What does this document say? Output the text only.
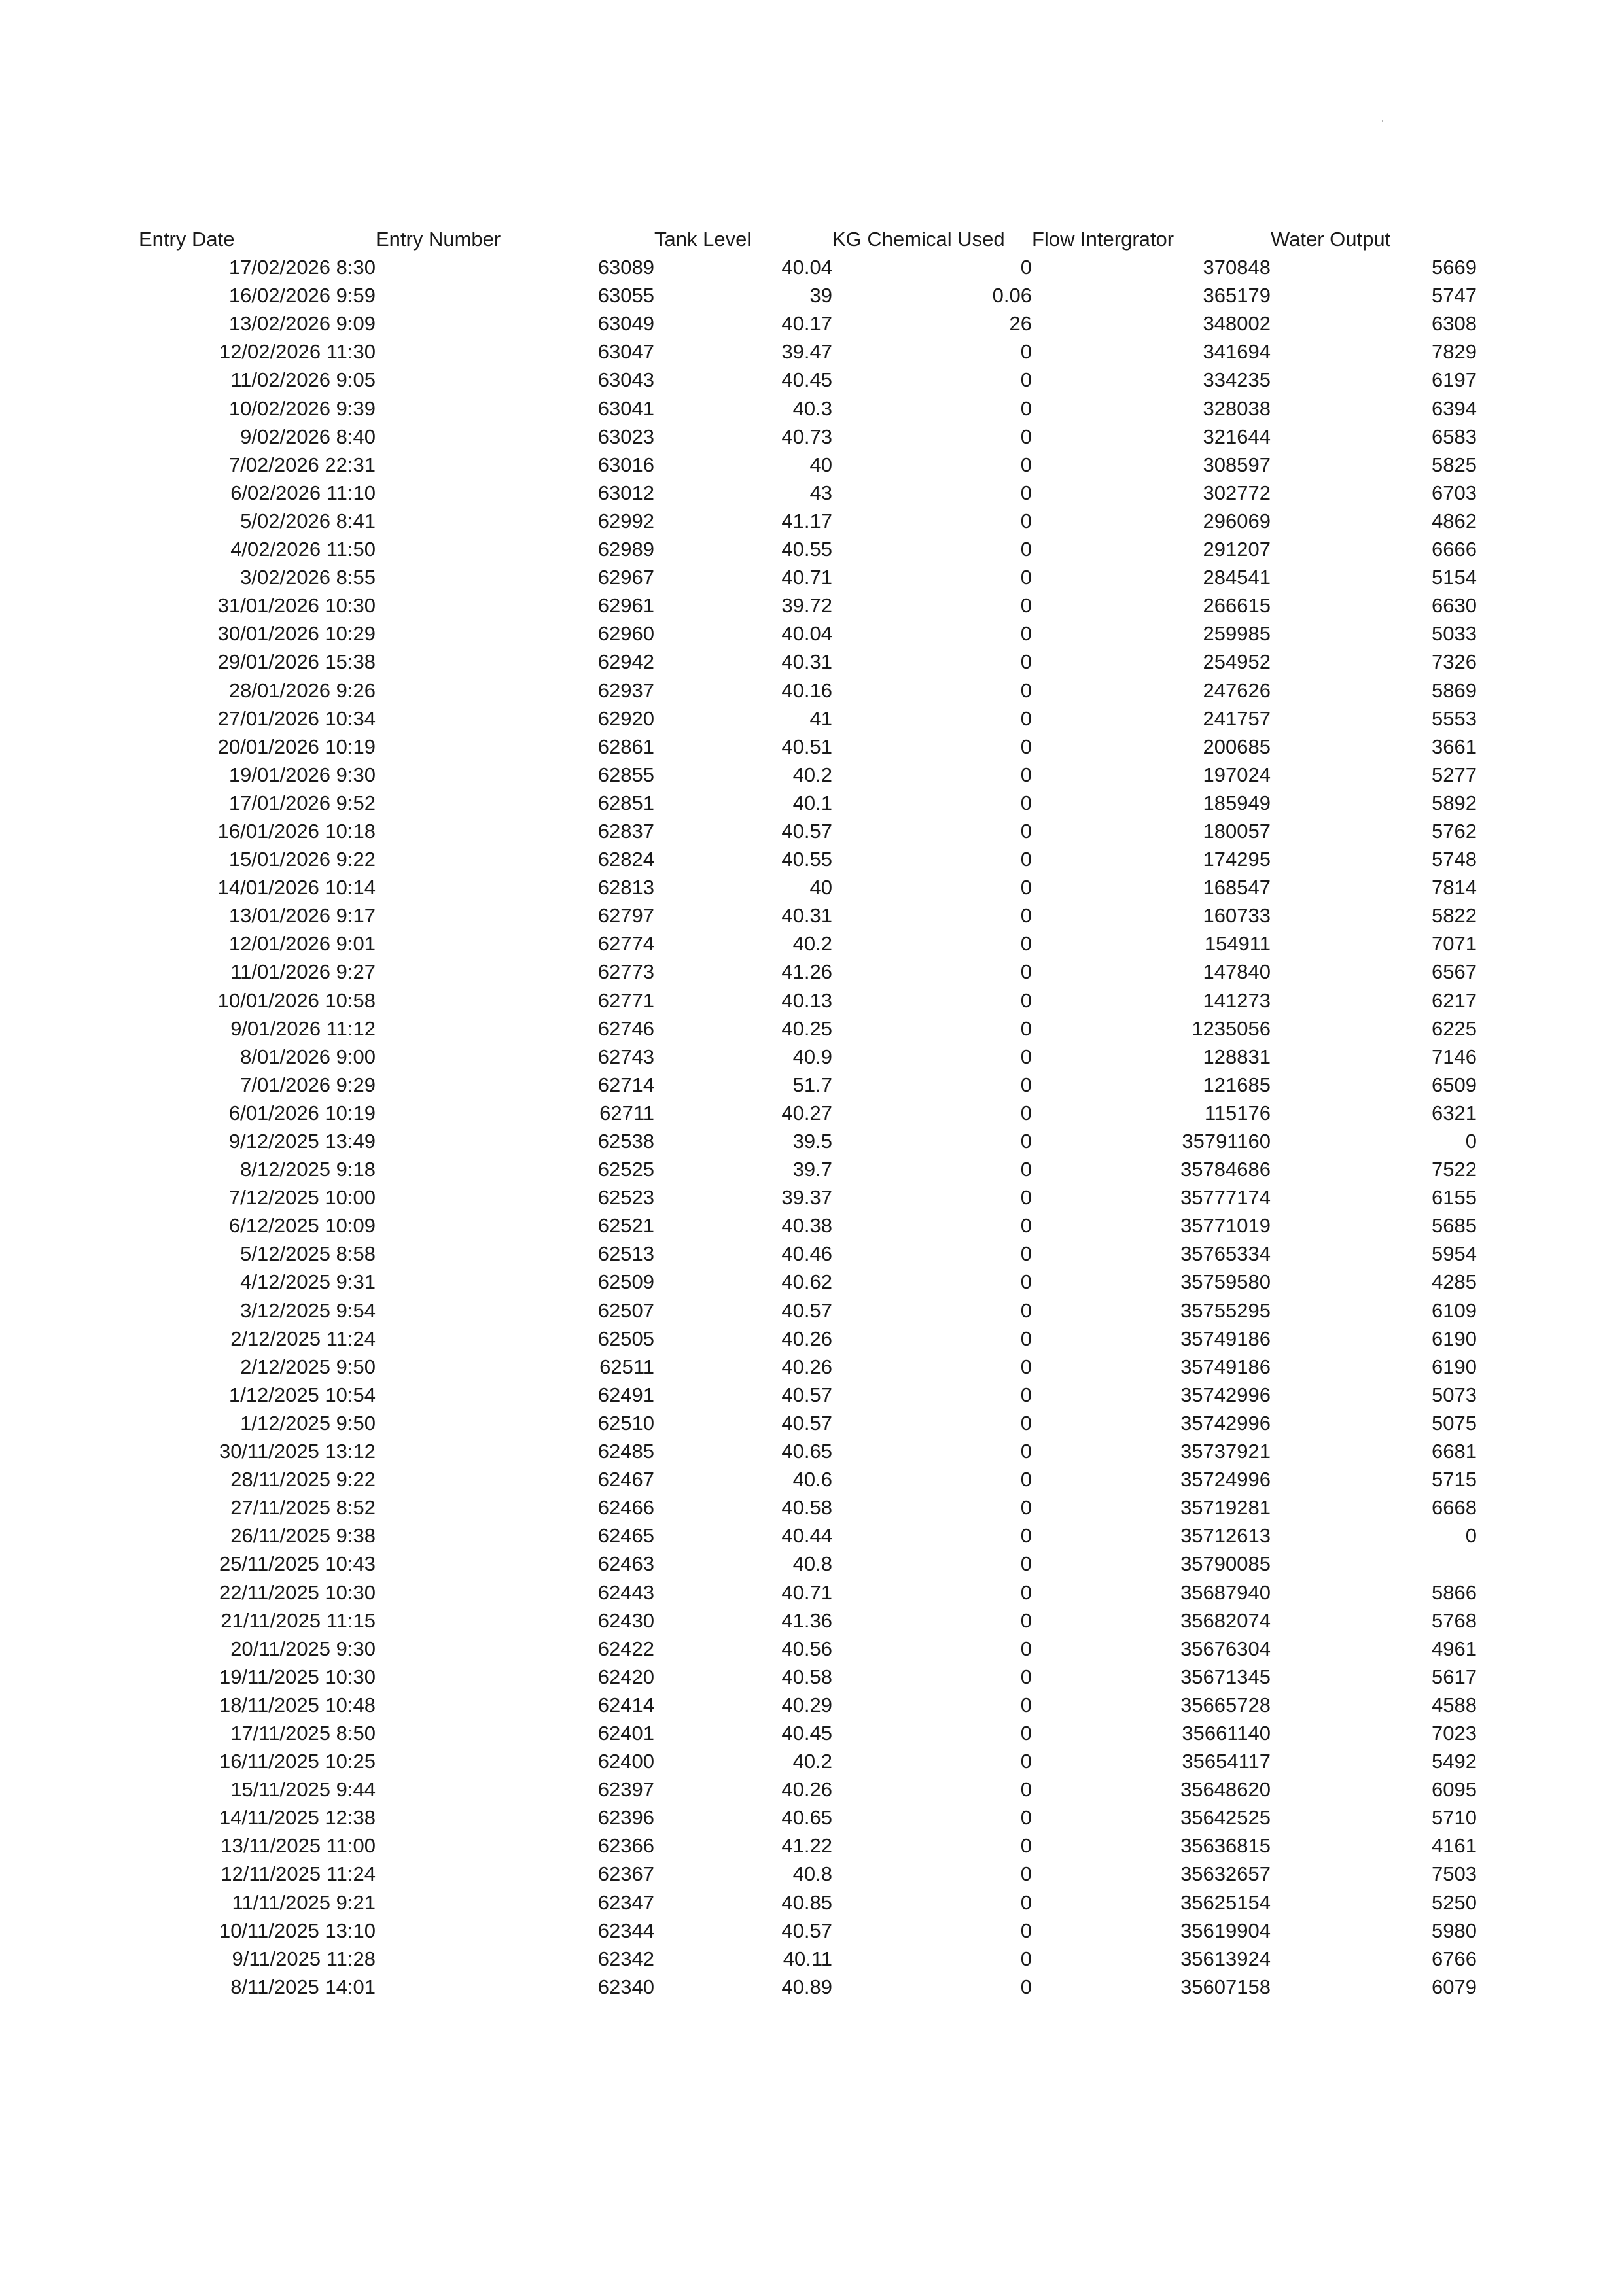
Entry Date	Entry Number	Tank Level	KG Chemical Used	Flow Intergrator	Water Output
17/02/2026 8:30	63089	40.04	0	370848	5669
16/02/2026 9:59	63055	39	0.06	365179	5747
13/02/2026 9:09	63049	40.17	26	348002	6308
12/02/2026 11:30	63047	39.47	0	341694	7829
11/02/2026 9:05	63043	40.45	0	334235	6197
10/02/2026 9:39	63041	40.3	0	328038	6394
9/02/2026 8:40	63023	40.73	0	321644	6583
7/02/2026 22:31	63016	40	0	308597	5825
6/02/2026 11:10	63012	43	0	302772	6703
5/02/2026 8:41	62992	41.17	0	296069	4862
4/02/2026 11:50	62989	40.55	0	291207	6666
3/02/2026 8:55	62967	40.71	0	284541	5154
31/01/2026 10:30	62961	39.72	0	266615	6630
30/01/2026 10:29	62960	40.04	0	259985	5033
29/01/2026 15:38	62942	40.31	0	254952	7326
28/01/2026 9:26	62937	40.16	0	247626	5869
27/01/2026 10:34	62920	41	0	241757	5553
20/01/2026 10:19	62861	40.51	0	200685	3661
19/01/2026 9:30	62855	40.2	0	197024	5277
17/01/2026 9:52	62851	40.1	0	185949	5892
16/01/2026 10:18	62837	40.57	0	180057	5762
15/01/2026 9:22	62824	40.55	0	174295	5748
14/01/2026 10:14	62813	40	0	168547	7814
13/01/2026 9:17	62797	40.31	0	160733	5822
12/01/2026 9:01	62774	40.2	0	154911	7071
11/01/2026 9:27	62773	41.26	0	147840	6567
10/01/2026 10:58	62771	40.13	0	141273	6217
9/01/2026 11:12	62746	40.25	0	1235056	6225
8/01/2026 9:00	62743	40.9	0	128831	7146
7/01/2026 9:29	62714	51.7	0	121685	6509
6/01/2026 10:19	62711	40.27	0	115176	6321
9/12/2025 13:49	62538	39.5	0	35791160	0
8/12/2025 9:18	62525	39.7	0	35784686	7522
7/12/2025 10:00	62523	39.37	0	35777174	6155
6/12/2025 10:09	62521	40.38	0	35771019	5685
5/12/2025 8:58	62513	40.46	0	35765334	5954
4/12/2025 9:31	62509	40.62	0	35759580	4285
3/12/2025 9:54	62507	40.57	0	35755295	6109
2/12/2025 11:24	62505	40.26	0	35749186	6190
2/12/2025 9:50	62511	40.26	0	35749186	6190
1/12/2025 10:54	62491	40.57	0	35742996	5073
1/12/2025 9:50	62510	40.57	0	35742996	5075
30/11/2025 13:12	62485	40.65	0	35737921	6681
28/11/2025 9:22	62467	40.6	0	35724996	5715
27/11/2025 8:52	62466	40.58	0	35719281	6668
26/11/2025 9:38	62465	40.44	0	35712613	0
25/11/2025 10:43	62463	40.8	0	35790085	
22/11/2025 10:30	62443	40.71	0	35687940	5866
21/11/2025 11:15	62430	41.36	0	35682074	5768
20/11/2025 9:30	62422	40.56	0	35676304	4961
19/11/2025 10:30	62420	40.58	0	35671345	5617
18/11/2025 10:48	62414	40.29	0	35665728	4588
17/11/2025 8:50	62401	40.45	0	35661140	7023
16/11/2025 10:25	62400	40.2	0	35654117	5492
15/11/2025 9:44	62397	40.26	0	35648620	6095
14/11/2025 12:38	62396	40.65	0	35642525	5710
13/11/2025 11:00	62366	41.22	0	35636815	4161
12/11/2025 11:24	62367	40.8	0	35632657	7503
11/11/2025 9:21	62347	40.85	0	35625154	5250
10/11/2025 13:10	62344	40.57	0	35619904	5980
9/11/2025 11:28	62342	40.11	0	35613924	6766
8/11/2025 14:01	62340	40.89	0	35607158	6079
